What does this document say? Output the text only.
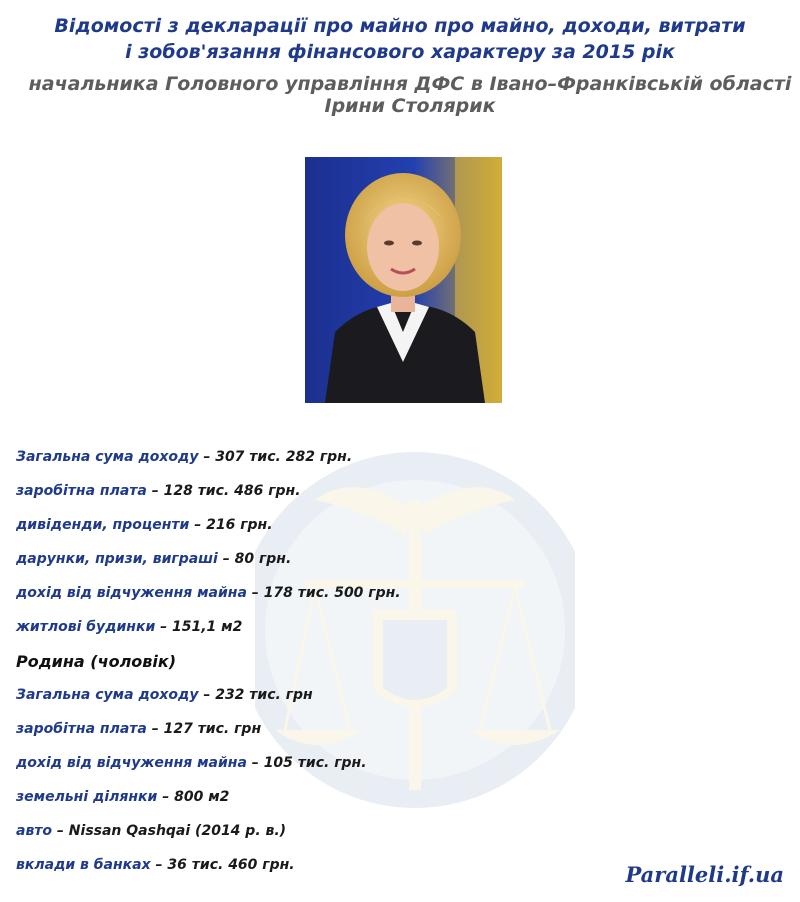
Відомості з декларації про майно про майно, доходи, витрати
і зобов'язання фінансового характеру за 2015 рік
начальника Головного управління ДФС в Івано–Франківській області
Ірини Столярик
Загальна сума доходу – 307 тис. 282 грн.
заробітна плата – 128 тис. 486 грн.
дивіденди, проценти – 216 грн.
дарунки, призи, виграші – 80 грн.
дохід від відчуження майна – 178 тис. 500 грн.
житлові будинки – 151,1 м2
Родина (чоловік)
Загальна сума доходу – 232 тис. грн
заробітна плата – 127 тис. грн
дохід від відчуження майна – 105 тис. грн.
земельні ділянки – 800 м2
авто – Nissan Qashqai (2014 р. в.)
вклади в банках – 36 тис. 460 грн.	Paralleli.if.ua
